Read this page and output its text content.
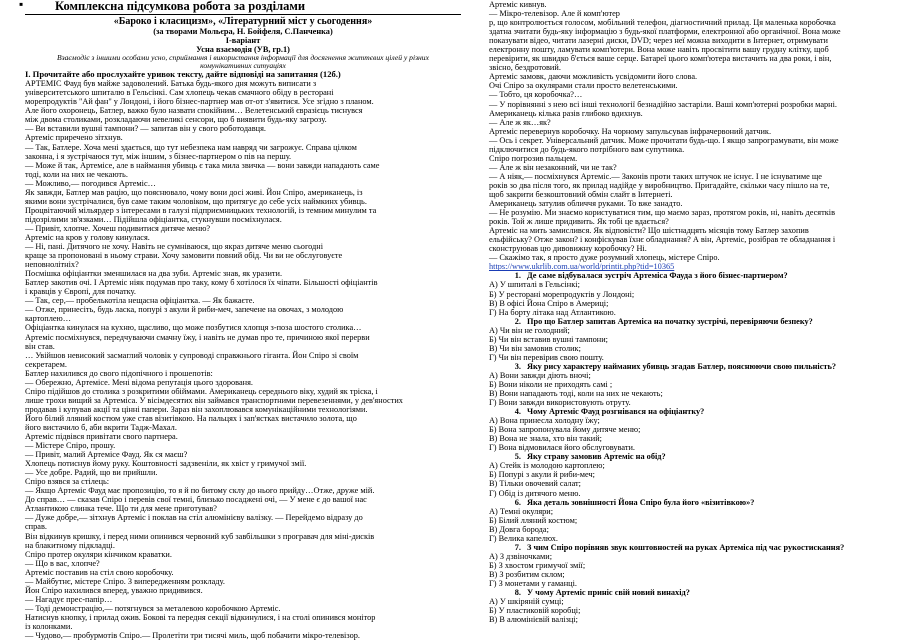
▪	Комплексна підсумкова робота за розділами

«Бароко і класицизм», «Літературний міст у сьогодення»

(за творами Мольєра, Н. Бойфеля, С.Панченка)

I-варіант

Усна взаємодія (УВ, гр.1)

Взаємодіє з іншими особами усно, сприймання і використання інформації для досягнення життєвих цілей у різних комунікативних ситуаціях

І. Прочитайте або прослухайте уривок тексту, дайте відповіді на запитання (12б.)

АРТЕМІС Фауд був майже задоволений. Батька будь-якого дня можуть виписати з

університетського шпиталю в Гельсінкі. Сам хлопець чекав смачного обіду в ресторані

морепродуктів "Ай фан" у Лондоні, і його бізнес-партнер мав от-от з'явитися. Усе згідно з планом.

Але його охоронець, Батлер, важко було назвати спокійним… Велетенський євразієць тиснувся

між двома столиками, розкладаючи невеликі сенсори, що б виявити будь-яку загрозу.

— Ви вставили вушні тампони? — запитав він у свого роботодавця.

Артеміс приречено зітхнув.

— Так, Батлере. Хоча мені здається, що тут небезпека нам навряд чи загрожує. Справа цілком

законна, і я зустрічаюся тут, між іншим, з бізнес-партнером о пів на першу.

— Може й так, Артемісе, але в наймання убивць є така мила звичка — вони завжди нападають саме

тоді, коли на них не чекають.

— Можливо,— погодився Артеміс…

Як завжди, Батлер мав рацію, що пояснювало, чому вони досі живі. Йон Спіро, американець, із

якими вони зустрічалися, був саме таким чоловіком, що притягує до себе усіх наймкинх убивць.

Процвітаючий мільярдер з інтересами в галузі підприємницьких технологій, із темним минулим та

підозрілими зв'язками… Підійшла офіціантка, стукнувши посміхнулася.

— Привіт, хлопче. Хочеш подивитися дитяче меню?

Артеміс на кров у голову кинулася.

— Ні, пані. Дитячого не хочу. Навіть не сумніваюся, що якраз дитяче меню сьогодні

краще за пропоновані в ньому страви. Хочу замовити повний обід. Чи ви не обслуговуєте

неповнолітніх?

Посмішка офіціантки зменшилася на два зуби. Артеміс знав, як уразити.

Батлер закотив очі. І Артеміс ніяк подумав про таку, кому б хотілося їх чіпати. Більшості офіціантів

і кравців у Європі, для початку.

— Так, сер,— пробелькотіла нещасна офіціантка. — Як бажаєте.

— Отже, принесіть, будь ласка, попурі з акули й риби-меч, запечене на овочах, з молодою

картоплею…

Офіціантка кинулася на кухню, щасливо, що може позбутися хлопця з-поза шостого столика…

Артеміс посміхнувся, передчуваючи смачну їжу, і навіть не думав про те, причиною якої перерви

він став.

… Увійшов невисокий засмаглий чоловік у супроводі справжнього гіганта. Йон Спіро зі своїм

секретарем.

Батлер нахилився до свого підопічного і прошепотів:

— Обережно, Артемісе. Мені відома репутація цього здорованя.

Спіро підійшов до столика з розкритими обіймами. Американець середнього віку, худий як тріска, і

лише трохи вищий за Артеміса. У вісімдесятих він займався транспортними перевезеннями, у дев'яностих

продавав і купував акції та цінні папери. Зараз він захоплювався комунікаційними технологіями.

Його білий лляний костюм уже став візитівкою. На пальцях і зап'ястках вистачило золота, що

його вистачило б, аби вкрити Тадж-Махал.

Артеміс підвівся привітати свого партнера.

— Містере Спіро, прошу.

— Привіт, малий Артемісе Фауд. Як ся маєш?

Хлопець потиснув йому руку. Коштовності задзвеніли, як хвіст у гримучої змії.

— Усе добре. Радий, що ви прийшли.

Спіро взявся за стілець:

— Якщо Артеміс Фауд має пропозицію, то я й по битому склу до нього прийду…Отже, друже мій.

До справ… — сказав Спіро і перевів свої темні, близько посаджені очі, — У мене є до вашої нас

Атлантикою слинка тече. Що ти для мене приготував?

— Дуже добре,— зітхнув Артеміс і поклав на стіл алюмінієву валізку. — Перейдемо відразу до

справ.

Він відкинув кришку, і перед ними опинився червоний куб завбільшки з програвач для міні-дисків

на блакитному підкладці.

Спіро протер окуляри кінчиком краватки.

— Що в вас, хлопче?

Артеміс поставив на стіл свою коробочку.

— Майбутнє, містере Спіро. З випередженням розкладу.

Йон Спіро нахилився вперед, уважно придивився.

— Нагадує прес-папір…

— Тоді демонстрацію,— потягнувся за металевою коробочкою Артеміс.

Натиснув кнопку, і прилад ожив. Бокові та передня секції відкинулися, і на столі опинився монітор

із колонками.

— Чудово,— пробурмотів Спіро.— Пролетіти три тисячі миль, щоб побачити мікро-телевізор.

Артеміс кивнув.

— Мікро-телевізор. Але й комп'ютер

р, що контролюється голосом, мобільний телефон, діагностичний прилад. Ця маленька коробочка

здатна зчитати будь-яку інформацію з будь-якої платформи, електронної або органічної. Вона може

показувати відео, читати лазерні диски, DVD; через неї можна виходити в Інтернет, отримувати

електронну пошту, ламувати комп'ютери. Вона може навіть просвітити вашу грудну клітку, щоб

перевірити, як швидко б'ється ваше серце. Батареї цього комп'ютера вистачить на два роки, і він,

звісно, бездротовий.

Артеміс замовк, даючи можливість усвідомити його слова.

Очі Спіро за окулярами стали просто велетенськими.

— Тобто, ця коробочка?…

— У порівнянні з нею всі інші технології безнадійно застаріли. Ваші комп'ютерні розробки марні.

Американець кілька разів глибоко вдихнув.

— Але ж як…як?

Артеміс перевернув коробочку. На чорному запульсував інфрачервоний датчик.

— Ось і секрет. Універсальний датчик. Може прочитати будь-що. І якщо запрограмувати, він може

підключитися до будь-якого потрібного вам супутника.

Спіро погрозив пальцем.

— Але ж він незаконний, чи не так?

— А ніяк,— посміхнувся Артеміс.— Законів проти таких штучок не існує. І не існуватиме ще

років зо два після того, як прилад надійде у виробництво. Пригадайте, скільки часу пішло на те,

щоб закрити безкоштовний обмін слайт в Інтернеті.

Американець затулив обличчя руками. То вже занадто.

— Не розумію. Ми знаємо користуватися тим, що маємо зараз, протягом років, ні, навіть десятків

років. Той ж лише придивить. Як тобі це вдається?

Артеміс на мить замислився. Як відповісти? Що шістнадцять місяців тому Батлер захопив

ельфійську? Отже закон? і конфіскував їхнє обладнання? А він, Артеміс, розібрав те обладнання і

сконструював цю дивовижну коробочку? Ні.

— Скажімо так, я просто дуже розумний хлопець, містере Спіро.

https://www.ukrlib.com.ua/world/printit.php?tid=10365

1. Де саме відбувалася зустріч Артеміса Фауда з його бізнес-партнером?

А) У шпиталі в Гельсінкі;

Б) У ресторані морепродуктів у Лондоні;

В) В офісі Йона Спіро в Америці;

Г) На борту літака над Атлантикою.

2. Про що Батлер запитав Артеміса на початку зустрічі, перевіряючи безпеку?

А) Чи він не голодний;

Б) Чи він вставив вушні тампони;

В) Чи він замовив столик;

Г) Чи він перевірив свою пошту.

3. Яку рису характеру найманих убивць згадав Батлер, пояснюючи свою пильність?

А) Вони завжди діють вночі;

Б) Вони ніколи не приходять самі ;

В) Вони нападають тоді, коли на них не чекають;

Г) Вони завжди використовують отруту.

4. Чому Артеміс Фауд розгнівався на офіціантку?

А) Вона принесла холодну їжу;

Б) Вона запропонувала йому дитяче меню;

В) Вона не знала, хто він такий;

Г) Вона відмовилася його обслуговувати.

5. Яку страву замовив Артеміс на обід?

А) Стейк із молодою картоплею;

Б) Попурі з акули й риби-меч;

В) Тільки овочевий салат;

Г) Обід із дитячого меню.

6. Яка деталь зовнішності Йона Спіро була його «візитівкою»?

А) Темні окуляри;

Б) Білий лляний костюм;

В) Довга борода;

Г) Велика капелюх.

7. З чим Спіро порівняв звук коштовностей на руках Артеміса під час рукостискання?

А) З дзвіночками;

Б) З хвостом гримучої змії;

В) З розбитим склом;

Г) З монетами у гаманці.

8. У чому Артеміс приніс свій новий винахід?

А) У шкіряній сумці;

Б) У пластиковій коробці;

В) В алюмінієвій валізці;
